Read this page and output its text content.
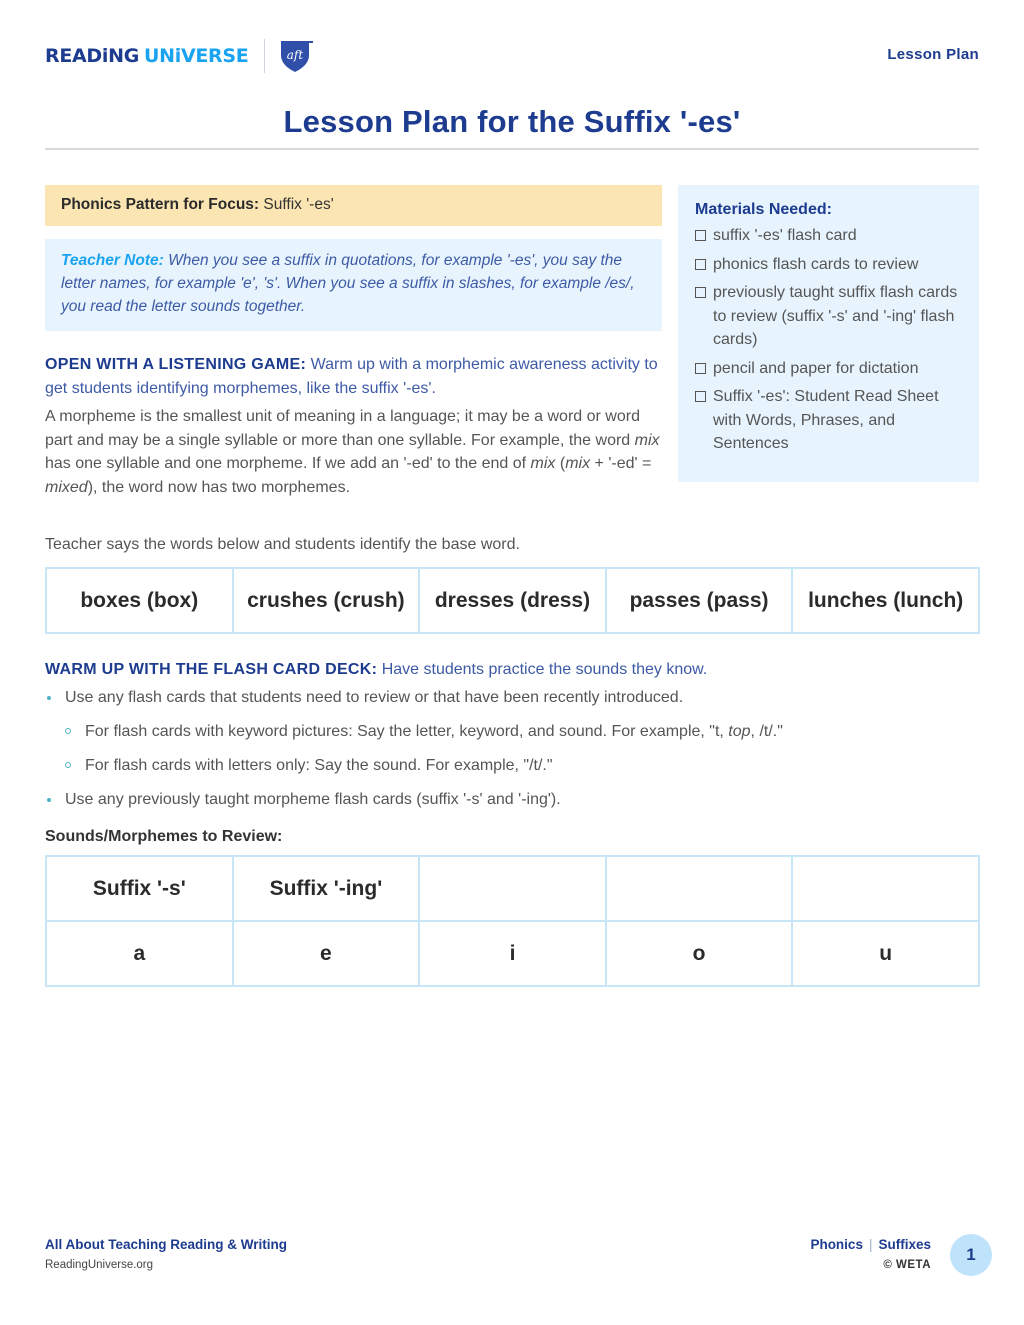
READiNG UNiVERSE	aft	Lesson Plan
Lesson Plan for the Suffix '-es'
Phonics Pattern for Focus: Suffix '-es'
Teacher Note: When you see a suffix in quotations, for example '-es', you say the letter names, for example 'e', 's'. When you see a suffix in slashes, for example /es/, you read the letter sounds together.
Materials Needed:
suffix '-es' flash card
phonics flash cards to review
previously taught suffix flash cards to review (suffix '-s' and '-ing' flash cards)
pencil and paper for dictation
Suffix '-es': Student Read Sheet with Words, Phrases, and Sentences
OPEN WITH A LISTENING GAME: Warm up with a morphemic awareness activity to get students identifying morphemes, like the suffix '-es'.
A morpheme is the smallest unit of meaning in a language; it may be a word or word part and may be a single syllable or more than one syllable. For example, the word mix has one syllable and one morpheme. If we add an '-ed' to the end of mix (mix + '-ed' = mixed), the word now has two morphemes.
Teacher says the words below and students identify the base word.
boxes (box)	crushes (crush)	dresses (dress)	passes (pass)	lunches (lunch)
WARM UP WITH THE FLASH CARD DECK: Have students practice the sounds they know.
Use any flash cards that students need to review or that have been recently introduced.
For flash cards with keyword pictures: Say the letter, keyword, and sound. For example, "t, top, /t/."
For flash cards with letters only: Say the sound. For example, "/t/."
Use any previously taught morpheme flash cards (suffix '-s' and '-ing').
Sounds/Morphemes to Review:
Suffix '-s'	Suffix '-ing'			
a	e	i	o	u
All About Teaching Reading & Writing
ReadingUniverse.org
Phonics | Suffixes
© WETA
1
